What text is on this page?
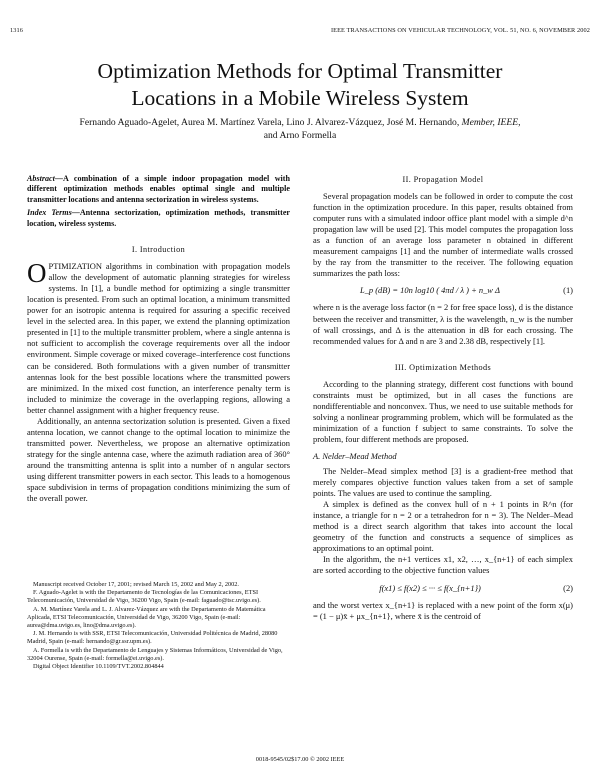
1316	IEEE TRANSACTIONS ON VEHICULAR TECHNOLOGY, VOL. 51, NO. 6, NOVEMBER 2002
Optimization Methods for Optimal Transmitter
Locations in a Mobile Wireless System
Fernando Aguado-Agelet, Aurea M. Martínez Varela, Lino J. Alvarez-Vázquez, José M. Hernando, Member, IEEE,
and Arno Formella
Abstract—A combination of a simple indoor propagation model with different optimization methods enables optimal single and multiple transmitter locations and antenna sectorization in wireless systems.
Index Terms—Antenna sectorization, optimization methods, transmitter location, wireless systems.
I. Introduction

OPTIMIZATION algorithms in combination with propagation models allow the development of automatic planning strategies for wireless systems. In [1], a bundle method for optimizing a single transmitter location is presented. From such an optimal location, a minimum transmitted power for an isotropic antenna is required for assuring a specific received level in the selected area. In this paper, we extend the planning optimization presented in [1] to the multiple transmitter problem, where a single antenna is not sufficient to accomplish the coverage requirements over all the indoor environment. Simple coverage or mixed coverage–interference cost functions can be considered. Both formulations with a given number of transmitter antennas look for the best possible locations where the transmitted powers are minimized. In the mixed cost function, an interference penalty term is included to minimize the coverage in the overlapping regions, allowing a better channel assignment with a higher frequency reuse.

Additionally, an antenna sectorization solution is presented. Given a fixed antenna location, we cannot change to the optimal location to minimize the transmitted power. Nevertheless, we propose an alternative optimization strategy for the single antenna case, where the azimuth radiation area of 360° around the transmitting antenna is split into a number of n angular sectors using different transmitter powers in each sector. This leads to a homogenous space subdivision in terms of propagation conditions minimizing the sum of the overall power.

Manuscript received October 17, 2001; revised March 15, 2002 and May 2, 2002.

F. Aguado-Agelet is with the Departamento de Tecnologías de las Comunicaciones, ETSI Telecomunicación, Universidad de Vigo, 36200 Vigo, Spain (e-mail: faguado@tsc.uvigo.es).

A. M. Martínez Varela and L. J. Alvarez-Vázquez are with the Departamento de Matemática Aplicada, ETSI Telecomunicación, Universidad de Vigo, 36200 Vigo, Spain (e-mail: aurea@dma.uvigo.es, lino@dma.uvigo.es).

J. M. Hernando is with SSR, ETSI Telecomunicación, Universidad Politécnica de Madrid, 28080 Madrid, Spain (e-mail: hernando@gr.ssr.upm.es).

A. Formella is with the Departamento de Lenguajes y Sistemas Informáticos, Universidad de Vigo, 32004 Ourense, Spain (e-mail: formella@ei.uvigo.es).

Digital Object Identifier 10.1109/TVT.2002.804844

II. Propagation Model

Several propagation models can be followed in order to compute the cost function in the optimization procedure. In this paper, results obtained from computer runs with a simulated indoor office plant model with a simple d^n propagation law will be used [2]. This model computes the propagation loss as a function of an average loss parameter n obtained in different measurement campaigns [1] and the number of intermediate walls crossed by the ray from the transmitter to the receiver. The following equation summarizes the path loss:

L_p (dB) = 10n log10 ( 4πd / λ ) + n_w Δ	(1)

where n is the average loss factor (n = 2 for free space loss), d is the distance between the receiver and transmitter, λ is the wavelength, n_w is the number of wall crossings, and Δ is the attenuation in dB for each crossing. The recommended values for Δ and n are 3 and 2.38 dB, respectively [1].

III. Optimization Methods

According to the planning strategy, different cost functions with bound constraints must be optimized, but in all cases the functions are nondifferentiable and nonconvex. Thus, we need to use suitable methods for solving a nonlinear programming problem, which will be formulated as the minimization of a function f subject to same constraints. To solve the problem, four different methods are proposed.

A. Nelder–Mead Method

The Nelder–Mead simplex method [3] is a gradient-free method that merely compares objective function values taken from a set of sample points. The values are used to continue the sampling.

A simplex is defined as the convex hull of n + 1 points in R^n (for instance, a triangle for n = 2 or a tetrahedron for n = 3). The Nelder–Mead method is a direct search algorithm that takes into account the local geometry of the function and constructs a sequence of simplices as approximations to an optimal point.

In the algorithm, the n+1 vertices x1, x2, …, x_{n+1} of each simplex are sorted according to the objective function values

f(x1) ≤ f(x2) ≤ ··· ≤ f(x_{n+1})	(2)

and the worst vertex x_{n+1} is replaced with a new point of the form x(μ) = (1 − μ)x̄ + μx_{n+1}, where x̄ is the centroid of

0018-9545/02$17.00 © 2002 IEEE
